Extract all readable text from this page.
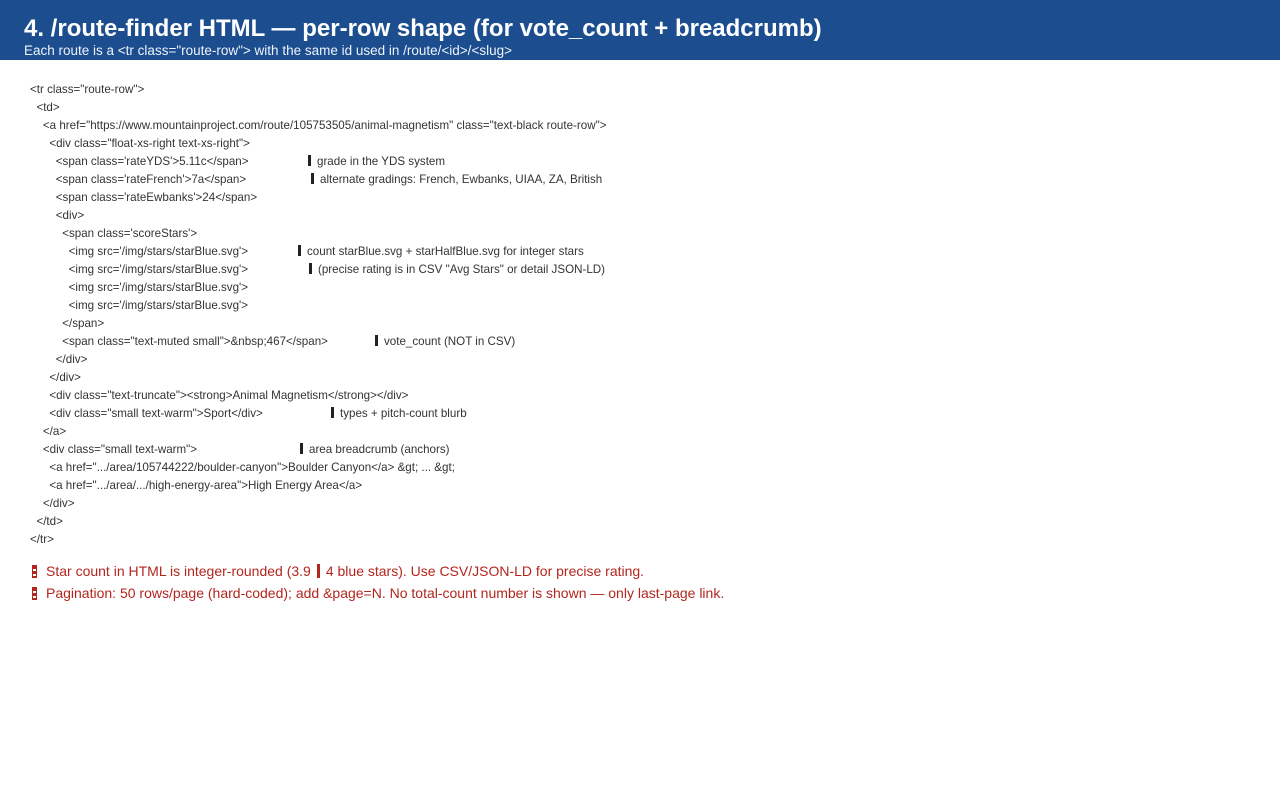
4. /route-finder HTML — per-row shape (for vote_count + breadcrumb)
Each route is a <tr class="route-row"> with the same id used in /route/<id>/<slug>
<tr class="route-row">
<td>
<a href="https://www.mountainproject.com/route/105753505/animal-magnetism" class="text-black route-row">
<div class="float-xs-right text-xs-right">
<span class='rateYDS'>5.11c</span>	grade in the YDS system
<span class='rateFrench'>7a</span>	alternate gradings: French, Ewbanks, UIAA, ZA, British
<span class='rateEwbanks'>24</span>
<div>
<span class='scoreStars'>
<img src='/img/stars/starBlue.svg'>	count starBlue.svg + starHalfBlue.svg for integer stars
<img src='/img/stars/starBlue.svg'>	(precise rating is in CSV "Avg Stars" or detail JSON-LD)
<img src='/img/stars/starBlue.svg'>
<img src='/img/stars/starBlue.svg'>
</span>
<span class="text-muted small">&nbsp;467</span>	vote_count (NOT in CSV)
</div>
</div>
<div class="text-truncate"><strong>Animal Magnetism</strong></div>
<div class="small text-warm">Sport</div>	types + pitch-count blurb
</a>
<div class="small text-warm">	area breadcrumb (anchors)
<a href=".../area/105744222/boulder-canyon">Boulder Canyon</a> &gt; ... &gt;
<a href=".../area/.../high-energy-area">High Energy Area</a>
</div>
</td>
</tr>
Star count in HTML is integer-rounded (3.9 4 blue stars). Use CSV/JSON-LD for precise rating.
Pagination: 50 rows/page (hard-coded); add &page=N. No total-count number is shown — only last-page link.
